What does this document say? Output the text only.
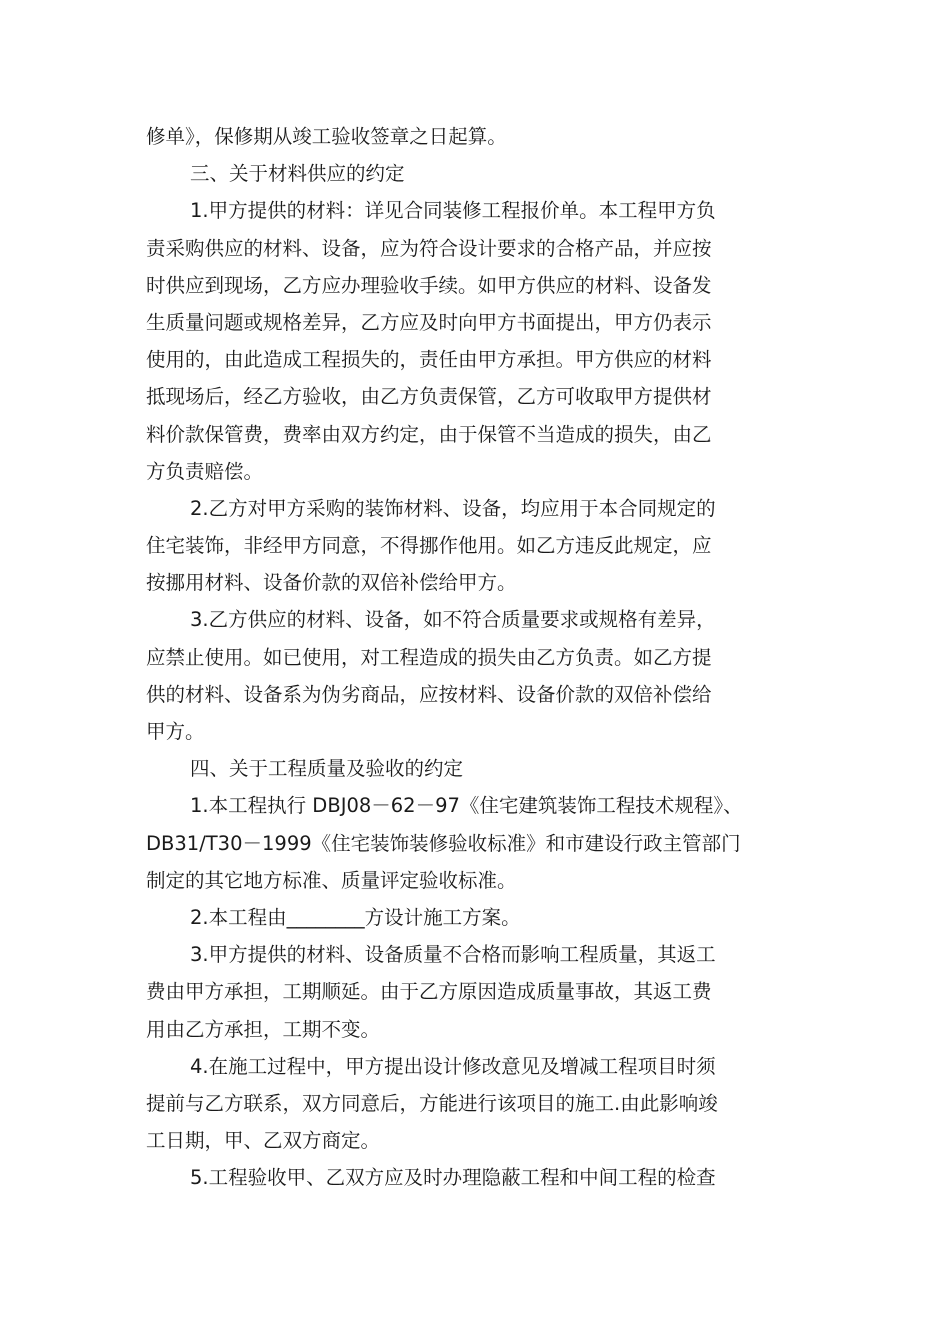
修单》，保修期从竣工验收签章之日起算。
三、关于材料供应的约定
1.甲方提供的材料：详见合同装修工程报价单。本工程甲方负
责采购供应的材料、设备，应为符合设计要求的合格产品，并应按
时供应到现场，乙方应办理验收手续。如甲方供应的材料、设备发
生质量问题或规格差异，乙方应及时向甲方书面提出，甲方仍表示
使用的，由此造成工程损失的，责任由甲方承担。甲方供应的材料
抵现场后，经乙方验收，由乙方负责保管，乙方可收取甲方提供材
料价款保管费，费率由双方约定，由于保管不当造成的损失，由乙
方负责赔偿。
2.乙方对甲方采购的装饰材料、设备，均应用于本合同规定的
住宅装饰，非经甲方同意，不得挪作他用。如乙方违反此规定，应
按挪用材料、设备价款的双倍补偿给甲方。
3.乙方供应的材料、设备，如不符合质量要求或规格有差异，
应禁止使用。如已使用，对工程造成的损失由乙方负责。如乙方提
供的材料、设备系为伪劣商品，应按材料、设备价款的双倍补偿给
甲方。
四、关于工程质量及验收的约定
1.本工程执行 DBJ08－62－97《住宅建筑装饰工程技术规程》、
DB31/T30－1999《住宅装饰装修验收标准》和市建设行政主管部门
制定的其它地方标准、质量评定验收标准。
2.本工程由________方设计施工方案。
3.甲方提供的材料、设备质量不合格而影响工程质量，其返工
费由甲方承担，工期顺延。由于乙方原因造成质量事故，其返工费
用由乙方承担，工期不变。
4.在施工过程中，甲方提出设计修改意见及增减工程项目时须
提前与乙方联系，双方同意后，方能进行该项目的施工.由此影响竣
工日期，甲、乙双方商定。
5.工程验收甲、乙双方应及时办理隐蔽工程和中间工程的检查
